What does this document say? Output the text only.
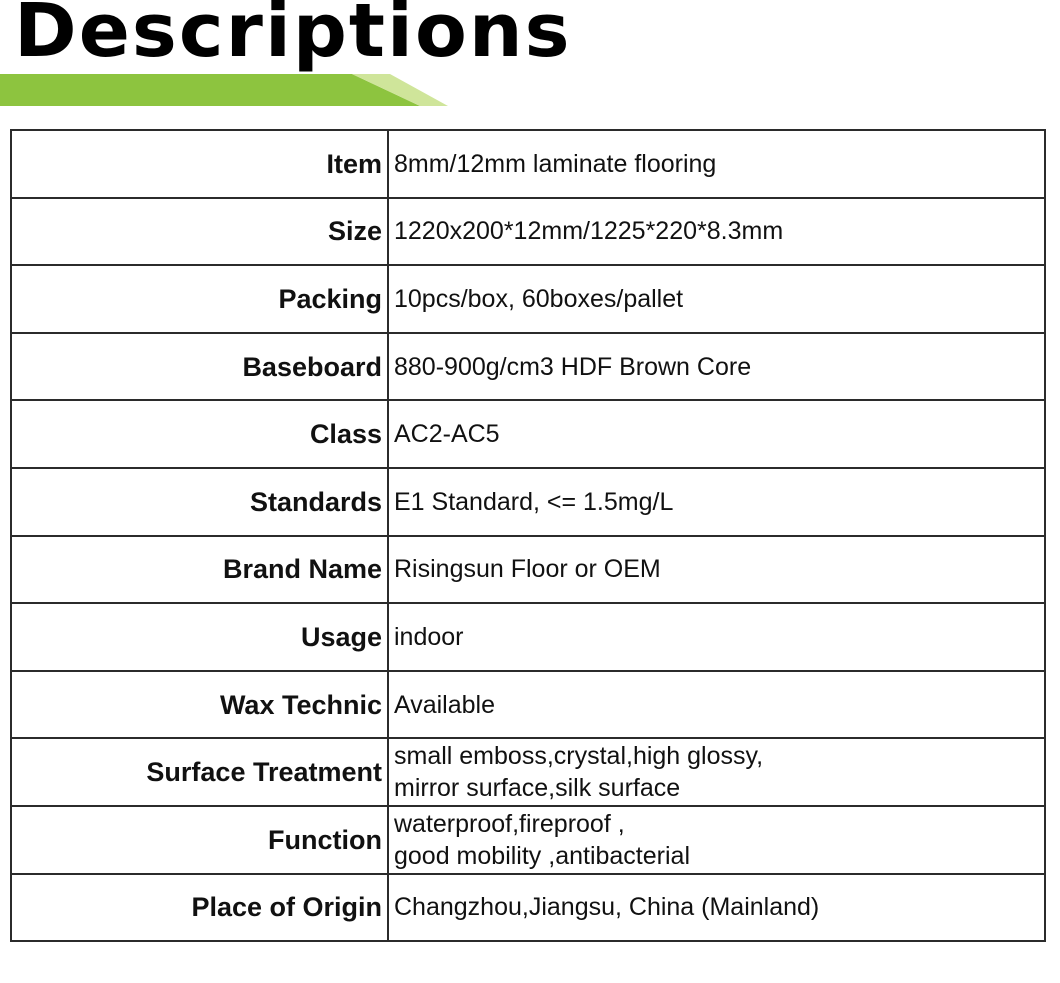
Descriptions
Item	8mm/12mm laminate flooring

Size	1220x200*12mm/1225*220*8.3mm

Packing	10pcs/box, 60boxes/pallet

Baseboard	880-900g/cm3 HDF Brown Core

Class	AC2-AC5

Standards	E1 Standard, <= 1.5mg/L

Brand Name	Risingsun Floor or OEM

Usage	indoor

Wax Technic	Available

Surface Treatment	small emboss,crystal,high glossy,
mirror surface,silk surface

Function	waterproof,fireproof ,
good mobility ,antibacterial

Place of Origin	Changzhou,Jiangsu, China (Mainland)
